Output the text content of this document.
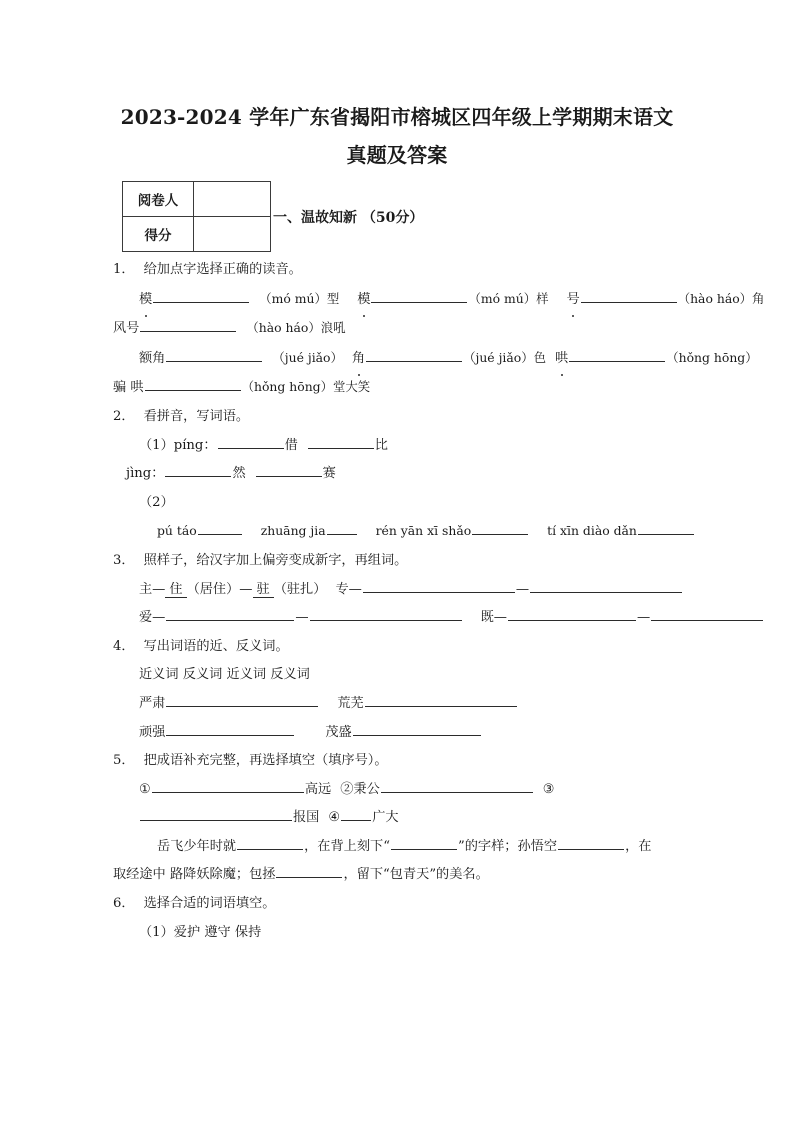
2023-2024 学年广东省揭阳市榕城区四年级上学期期末语文
真题及答案
阅卷人	
得分	
一、温故知新 （50分）
1． 给加点字选择正确的读音。
模	（mó mú）型 模	（mó mú）样 号	（hào háo）角
风号	（hào háo）浪吼
额角	（jué jiǎo） 角	（jué jiǎo）色 哄	（hǒng hōng）
骗 哄	（hǒng hōng）堂大笑
2． 看拼音，写词语。
（1）píng：	借	比
jìng：	然	赛
（2）
pú táo	zhuāng jia	rén yān xī shǎo	tí xīn diào dǎn
3． 照样子，给汉字加上偏旁变成新字，再组词。
主— 住 （居住）— 驻 （驻扎） 专—	—
爱—	—	既—	—
4． 写出词语的近、反义词。
近义词 反义词 近义词 反义词
严肃	荒芜
顽强	茂盛
5． 把成语补充完整，再选择填空（填序号）。
①	高远 ②秉公	③报国 ④ 广大
岳飞少年时就	，在背上刻下“	”的字样；孙悟空	，在
取经途中 路降妖除魔；包拯	，留下“包青天”的美名。
6． 选择合适的词语填空。
（1）爱护 遵守 保持
